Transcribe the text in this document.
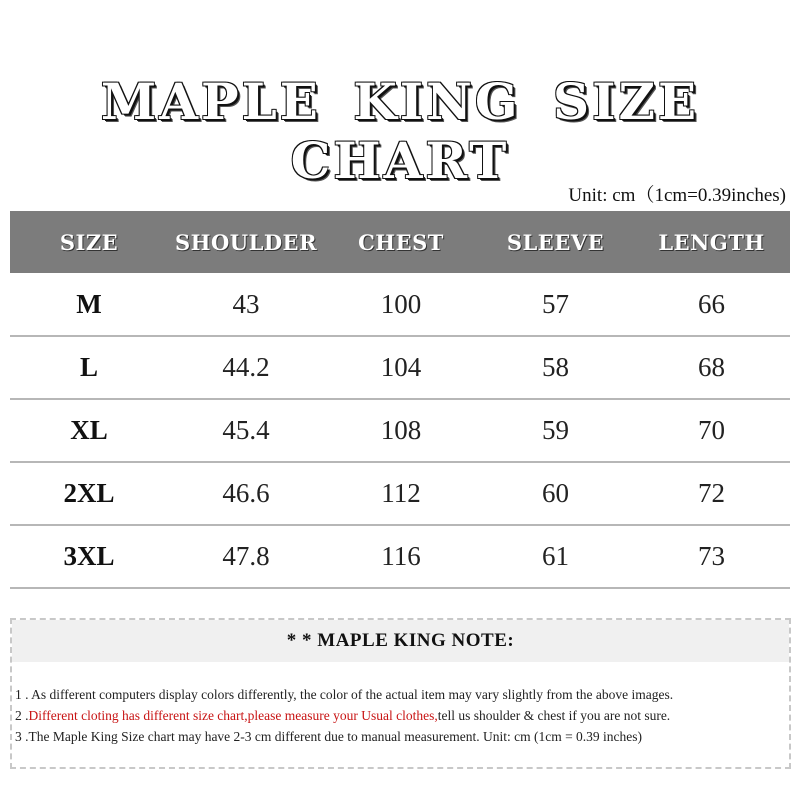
MAPLE KING SIZE CHART
Unit: cm（1cm=0.39inches)
SIZE	SHOULDER	CHEST	SLEEVE	LENGTH
M	43	100	57	66
L	44.2	104	58	68
XL	45.4	108	59	70
2XL	46.6	112	60	72
3XL	47.8	116	61	73
* * MAPLE KING NOTE:
1 . As different computers display colors differently, the color of the actual item may vary slightly from the above images.
2 .Different cloting has different size chart,please measure your Usual clothes,tell us shoulder & chest if you are not sure.
3 .The Maple King Size chart may have 2-3 cm different due to manual measurement. Unit: cm (1cm = 0.39 inches)
